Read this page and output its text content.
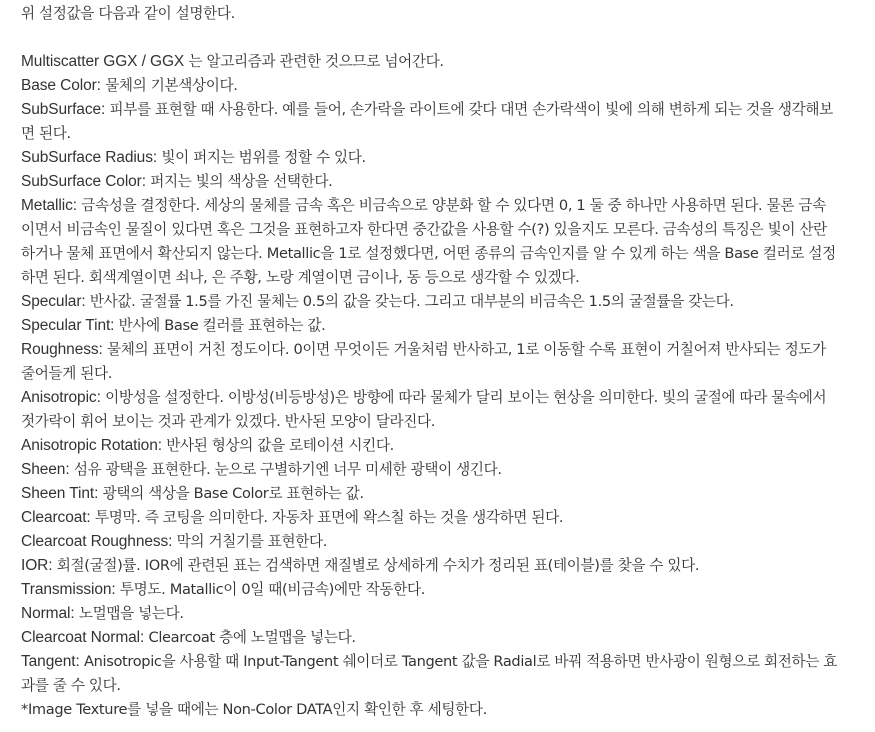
위 설정값을 다음과 같이 설명한다.

Multiscatter GGX / GGX 는 알고리즘과 관련한 것으므로 넘어간다.
Base Color: 물체의 기본색상이다.
SubSurface: 피부를 표현할 때 사용한다. 예를 들어, 손가락을 라이트에 갖다 대면 손가락색이 빛에 의해 변하게 되는 것을 생각해보면 된다.
SubSurface Radius: 빛이 퍼지는 범위를 정할 수 있다.
SubSurface Color: 퍼지는 빛의 색상을 선택한다.
Metallic: 금속성을 결정한다. 세상의 물체를 금속 혹은 비금속으로 양분화 할 수 있다면 0, 1 둘 중 하나만 사용하면 된다. 물론 금속이면서 비금속인 물질이 있다면 혹은 그것을 표현하고자 한다면 중간값을 사용할 수(?) 있을지도 모른다. 금속성의 특징은 빛이 산란하거나 물체 표면에서 확산되지 않는다. Metallic을 1로 설정했다면, 어떤 종류의 금속인지를 알 수 있게 하는 색을 Base 컬러로 설정하면 된다. 회색계열이면 쇠나, 은 주황, 노랑 계열이면 금이나, 동 등으로 생각할 수 있겠다.
Specular: 반사값. 굴절률 1.5를 가진 물체는 0.5의 값을 갖는다. 그리고 대부분의 비금속은 1.5의 굴절률을 갖는다.
Specular Tint: 반사에 Base 컬러를 표현하는 값.
Roughness: 물체의 표면이 거친 정도이다. 0이면 무엇이든 거울처럼 반사하고, 1로 이동할 수록 표현이 거칠어져 반사되는 정도가 줄어들게 된다.
Anisotropic: 이방성을 설정한다. 이방성(비등방성)은 방향에 따라 물체가 달리 보이는 현상을 의미한다. 빛의 굴절에 따라 물속에서 젓가락이 휘어 보이는 것과 관계가 있겠다. 반사된 모양이 달라진다.
Anisotropic Rotation: 반사된 형상의 값을 로테이션 시킨다.
Sheen: 섬유 광택을 표현한다. 눈으로 구별하기엔 너무 미세한 광택이 생긴다.
Sheen Tint: 광택의 색상을 Base Color로 표현하는 값.
Clearcoat: 투명막. 즉 코팅을 의미한다. 자동차 표면에 왁스칠 하는 것을 생각하면 된다.
Clearcoat Roughness: 막의 거칠기를 표현한다.
IOR: 회절(굴절)률. IOR에 관련된 표는 검색하면 재질별로 상세하게 수치가 정리된 표(테이블)를 찾을 수 있다.
Transmission: 투명도. Matallic이 0일 때(비금속)에만 작동한다.
Normal: 노멀맵을 넣는다.
Clearcoat Normal: Clearcoat 층에 노멀맵을 넣는다.
Tangent: Anisotropic을 사용할 때 Input-Tangent 쉐이더로 Tangent 값을 Radial로 바꿔 적용하면 반사광이 원형으로 회전하는 효과를 줄 수 있다.

*Image Texture를 넣을 때에는 Non-Color DATA인지 확인한 후 세팅한다.
